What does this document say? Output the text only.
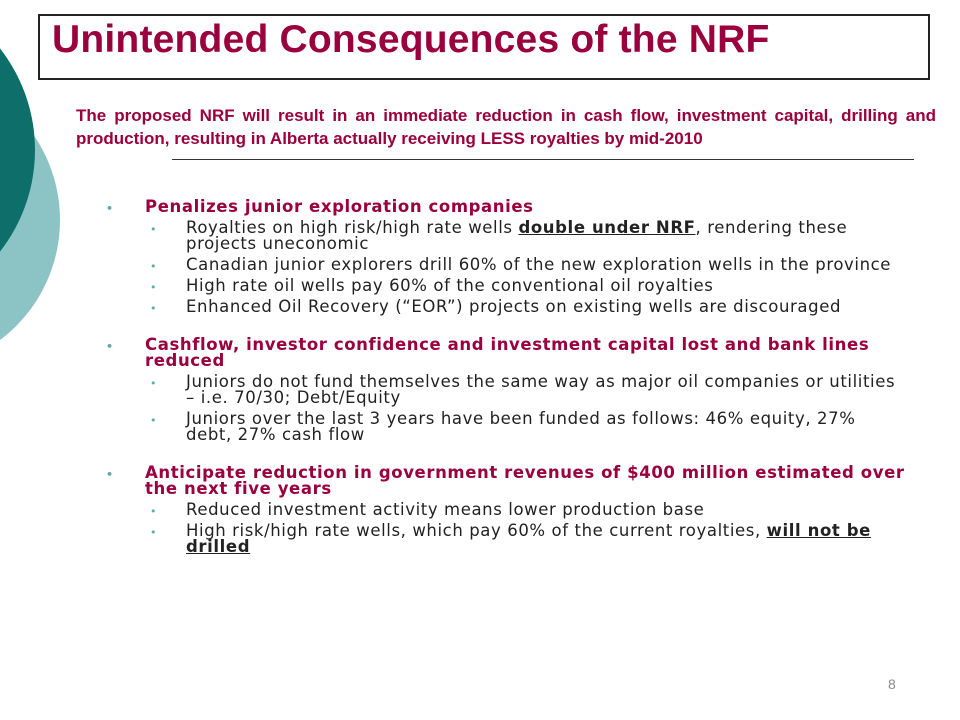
Unintended Consequences of the NRF
The proposed NRF will result in an immediate reduction in cash flow, investment capital, drilling and production, resulting in Alberta actually receiving LESS royalties by mid-2010
• Penalizes junior exploration companies
• Royalties on high risk/high rate wells double under NRF, rendering these projects uneconomic
• Canadian junior explorers drill 60% of the new exploration wells in the province
• High rate oil wells pay 60% of the conventional oil royalties
• Enhanced Oil Recovery (“EOR”) projects on existing wells are discouraged
• Cashflow, investor confidence and investment capital lost and bank lines reduced
• Juniors do not fund themselves the same way as major oil companies or utilities – i.e. 70/30; Debt/Equity
• Juniors over the last 3 years have been funded as follows: 46% equity, 27% debt, 27% cash flow
• Anticipate reduction in government revenues of $400 million estimated over the next five years
• Reduced investment activity means lower production base
• High risk/high rate wells, which pay 60% of the current royalties, will not be drilled
8
